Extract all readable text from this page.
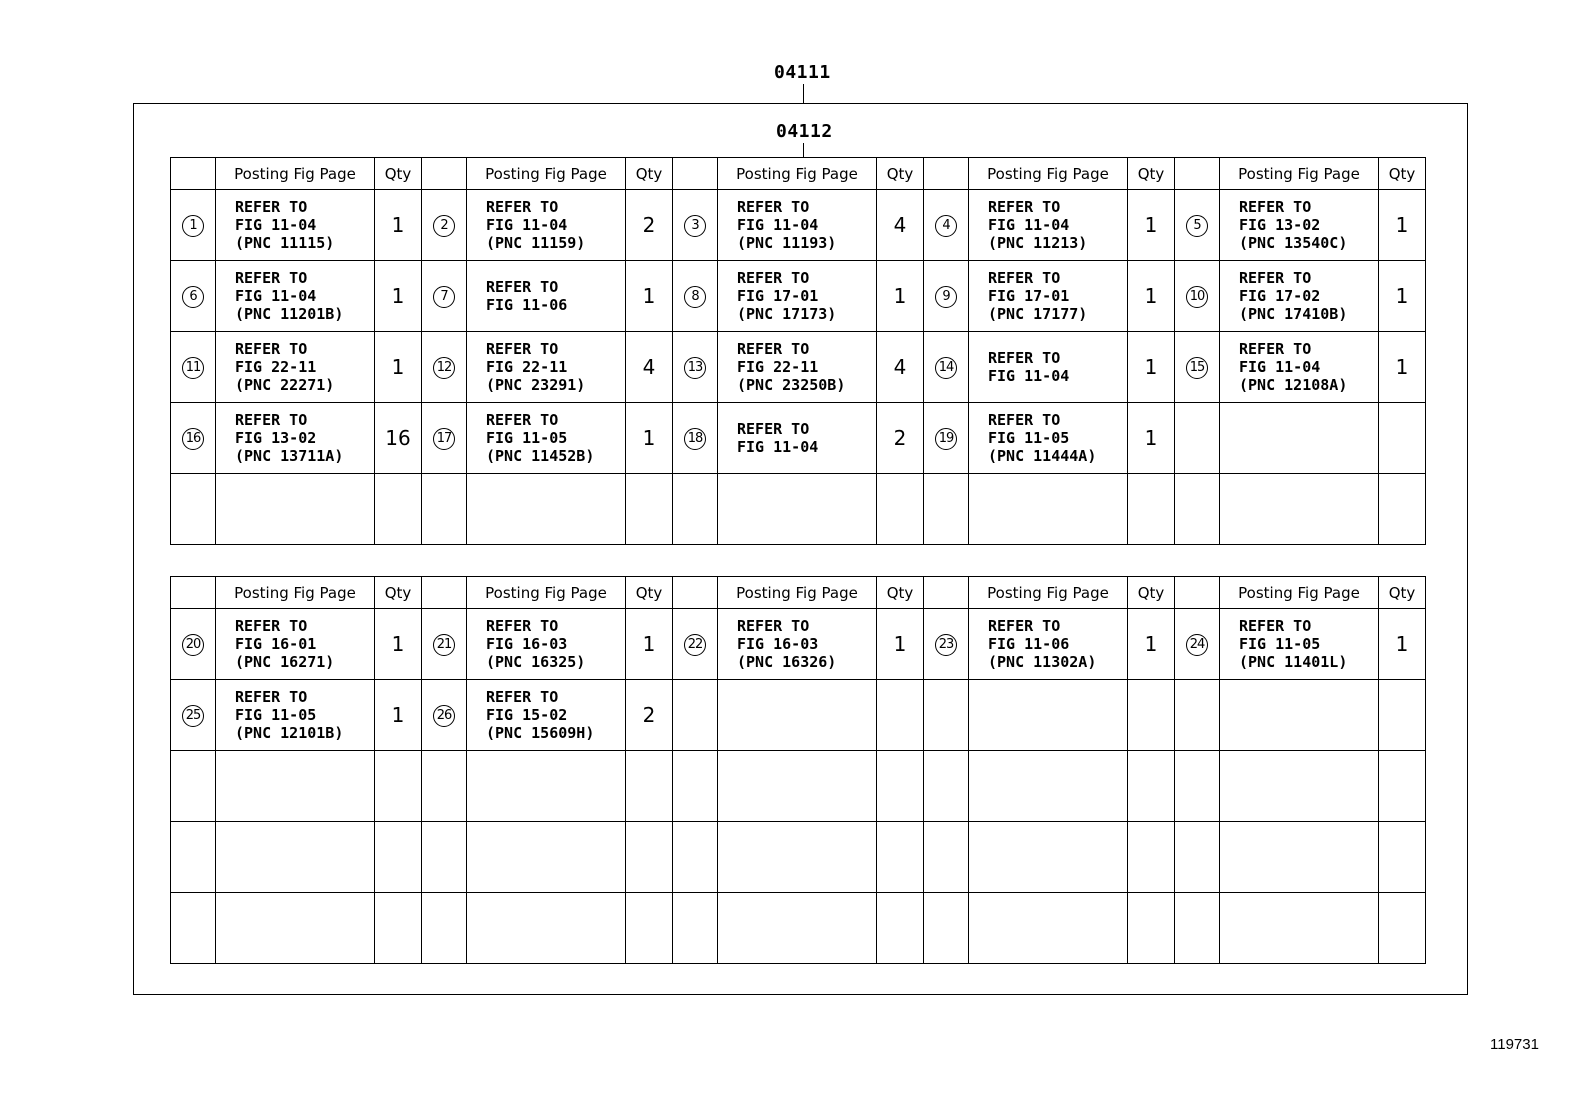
04111
04112
	Posting Fig Page	Qty		Posting Fig Page	Qty		Posting Fig Page	Qty		Posting Fig Page	Qty		Posting Fig Page	Qty
1	REFER TO
FIG 11-04
(PNC 11115)	1	2	REFER TO
FIG 11-04
(PNC 11159)	2	3	REFER TO
FIG 11-04
(PNC 11193)	4	4	REFER TO
FIG 11-04
(PNC 11213)	1	5	REFER TO
FIG 13-02
(PNC 13540C)	1
6	REFER TO
FIG 11-04
(PNC 11201B)	1	7	REFER TO
FIG 11-06	1	8	REFER TO
FIG 17-01
(PNC 17173)	1	9	REFER TO
FIG 17-01
(PNC 17177)	1	10	REFER TO
FIG 17-02
(PNC 17410B)	1
11	REFER TO
FIG 22-11
(PNC 22271)	1	12	REFER TO
FIG 22-11
(PNC 23291)	4	13	REFER TO
FIG 22-11
(PNC 23250B)	4	14	REFER TO
FIG 11-04	1	15	REFER TO
FIG 11-04
(PNC 12108A)	1
16	REFER TO
FIG 13-02
(PNC 13711A)	16	17	REFER TO
FIG 11-05
(PNC 11452B)	1	18	REFER TO
FIG 11-04	2	19	REFER TO
FIG 11-05
(PNC 11444A)	1		

	Posting Fig Page	Qty		Posting Fig Page	Qty		Posting Fig Page	Qty		Posting Fig Page	Qty		Posting Fig Page	Qty
20	REFER TO
FIG 16-01
(PNC 16271)	1	21	REFER TO
FIG 16-03
(PNC 16325)	1	22	REFER TO
FIG 16-03
(PNC 16326)	1	23	REFER TO
FIG 11-06
(PNC 11302A)	1	24	REFER TO
FIG 11-05
(PNC 11401L)	1
25	REFER TO
FIG 11-05
(PNC 12101B)	1	26	REFER TO
FIG 15-02
(PNC 15609H)	2		

119731
